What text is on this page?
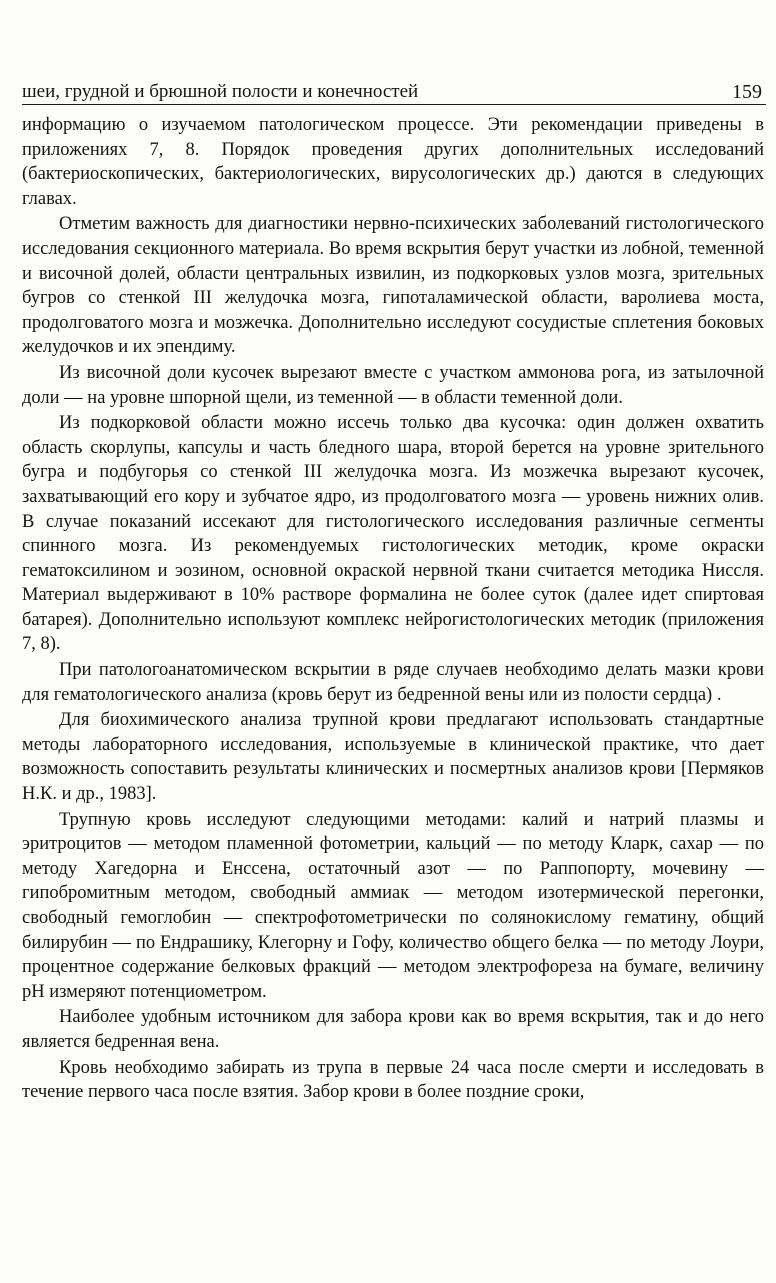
шеи, грудной и брюшной полости и конечностей	159

информацию о изучаемом патологическом процессе. Эти рекомендации приведены в приложениях 7, 8. Порядок проведения других дополнительных исследований (бактериоскопических, бактериологических, вирусологических др.) даются в следующих главах.

Отметим важность для диагностики нервно-психических заболеваний гистологического исследования секционного материала. Во время вскрытия берут участки из лобной, теменной и височной долей, области центральных извилин, из подкорковых узлов мозга, зрительных бугров со стенкой III желудочка мозга, гипоталамической области, варолиева моста, продолговатого мозга и мозжечка. Дополнительно исследуют сосудистые сплетения боковых желудочков и их эпендиму.

Из височной доли кусочек вырезают вместе с участком аммонова рога, из затылочной доли — на уровне шпорной щели, из теменной — в области теменной доли.

Из подкорковой области можно иссечь только два кусочка: один должен охватить область скорлупы, капсулы и часть бледного шара, второй берется на уровне зрительного бугра и подбугорья со стенкой III желудочка мозга. Из мозжечка вырезают кусочек, захватывающий его кору и зубчатое ядро, из продолговатого мозга — уровень нижних олив. В случае показаний иссекают для гистологического исследования различные сегменты спинного мозга. Из рекомендуемых гистологических методик, кроме окраски гематоксилином и эозином, основной окраской нервной ткани считается методика Ниссля. Материал выдерживают в 10% растворе формалина не более суток (далее идет спиртовая батарея). Дополнительно используют комплекс нейрогистологических методик (приложения 7, 8).

При патологоанатомическом вскрытии в ряде случаев необходимо делать мазки крови для гематологического анализа (кровь берут из бедренной вены или из полости сердца) .

Для биохимического анализа трупной крови предлагают использовать стандартные методы лабораторного исследования, используемые в клинической практике, что дает возможность сопоставить результаты клинических и посмертных анализов крови [Пермяков Н.К. и др., 1983].

Трупную кровь исследуют следующими методами: калий и натрий плазмы и эритроцитов — методом пламенной фотометрии, кальций — по методу Кларк, сахар — по методу Хагедорна и Енссена, остаточный азот — по Раппопорту, мочевину — гипобромитным методом, свободный аммиак — методом изотермической перегонки, свободный гемоглобин — спектрофотометрически по солянокислому гематину, общий билирубин — по Ендрашику, Клегорну и Гофу, количество общего белка — по методу Лоури, процентное содержание белковых фракций — методом электрофореза на бумаге, величину pH измеряют потенциометром.

Наиболее удобным источником для забора крови как во время вскрытия, так и до него является бедренная вена.

Кровь необходимо забирать из трупа в первые 24 часа после смерти и исследовать в течение первого часа после взятия. Забор крови в более поздние сроки,
